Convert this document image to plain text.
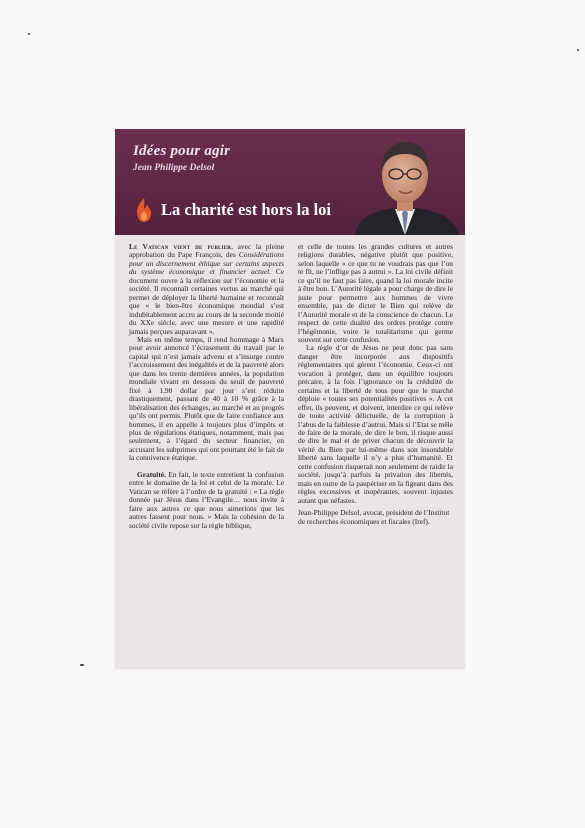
Idées pour agir
Jean Philippe Delsol
La charité est hors la loi

Le Vatican vient de publier, avec la pleine approbation du Pape François, des Considérations pour un discernement éthique sur certains aspects du système économique et financier actuel. Ce document ouvre à la réflexion sur l’économie et la société. Il reconnaît certaines vertus au marché qui permet de déployer la liberté humaine et reconnaît que « le bien-être économique mondial s’est indubitablement accru au cours de la seconde moitié du XXe siècle, avec une mesure et une rapidité jamais perçues auparavant ».

Mais en même temps, il rend hommage à Marx pour avoir annoncé l’écrasement du travail par le capital qui n’est jamais advenu et s’insurge contre l’accroissement des inégalités et de la pauvreté alors que dans les trente dernières années, la population mondiale vivant en dessous du seuil de pauvreté fixé à 1,90 dollar par jour s’est réduite drastiquement, passant de 40 à 10 % grâce à la libéralisation des échanges, au marché et au progrès qu’ils ont permis. Plutôt que de faire confiance aux hommes, il en appelle à toujours plus d’impôts et plus de régulations étatiques, notamment, mais pas seulement, à l’égard du secteur financier, en accusant les subprimes qui ont pourtant été le fait de la connivence étatique.

Gratuité. En fait, le texte entretient la confusion entre le domaine de la loi et celui de la morale. Le Vatican se réfère à l’ordre de la gratuité : « La règle donnée par Jésus dans l’Evangile… nous invite à faire aux autres ce que nous aimerions que les autres fassent pour nous. » Mais la cohésion de la société civile repose sur la règle biblique,

et celle de toutes les grandes cultures et autres religions durables, négative plutôt que positive, selon laquelle « ce que tu ne voudrais pas que l’on te fît, ne l’inflige pas à autrui ». La loi civile définit ce qu’il ne faut pas faire, quand la loi morale incite à être bon. L’Autorité légale a pour charge de dire le juste pour permettre aux hommes de vivre ensemble, pas de dicter le Bien qui relève de l’Autorité morale et de la conscience de chacun. Le respect de cette dualité des ordres protège contre l’hégémonie, voire le totalitarisme qui germe souvent sur cette confusion.

La règle d’or de Jésus ne peut donc pas sans danger être incorporée aux dispositifs réglementaires qui gèrent l’économie. Ceux-ci ont vocation à protéger, dans un équilibre toujours précaire, à la fois l’ignorance ou la crédulité de certains et la liberté de tous pour que le marché déploie « toutes ses potentialités positives ». A cet effet, ils peuvent, et doivent, interdire ce qui relève de toute activité délictuelle, de la corruption à l’abus de la faiblesse d’autrui. Mais si l’Etat se mêle de faire de la morale, de dire le bon, il risque aussi de dire le mal et de priver chacun de découvrir la vérité du Bien par lui-même dans son insondable liberté sans laquelle il n’y a plus d’humanité. Et cette confusion risquerait non seulement de raidir la société, jusqu’à parfois la privation des libertés, mais en outre de la paupériser en la figeant dans des règles excessives et inopérantes, souvent injustes autant que néfastes.

Jean-Philippe Delsol, avocat, président de l’Institut de recherches économiques et fiscales (Iref).
